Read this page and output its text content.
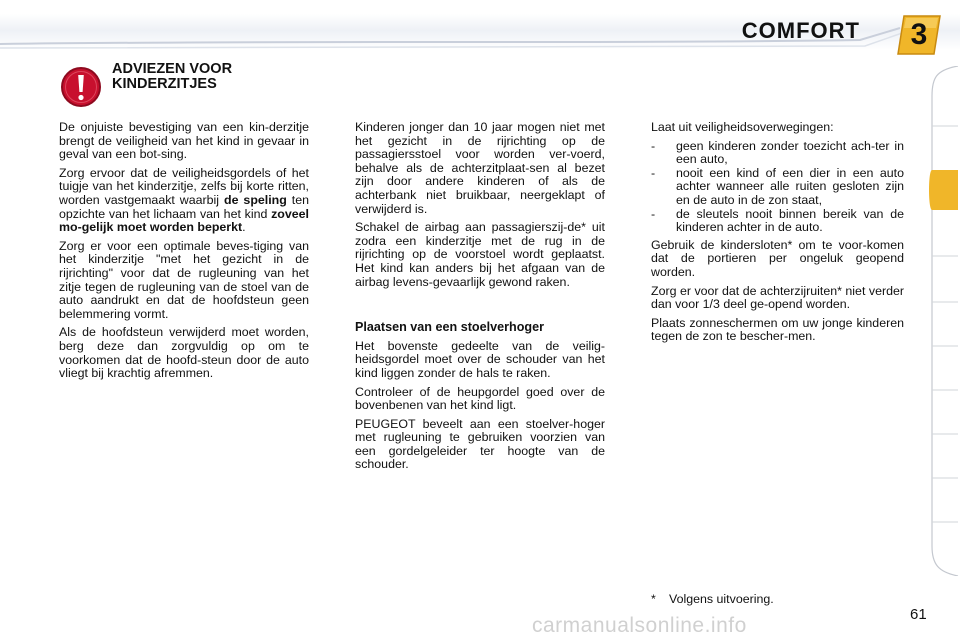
COMFORT	3
ADVIEZEN VOOR
KINDERZITJES

De onjuiste bevestiging van een kin-derzitje brengt de veiligheid van het kind in gevaar in geval van een bot-sing.

Zorg ervoor dat de veiligheidsgordels of het tuigje van het kinderzitje, zelfs bij korte ritten, worden vastgemaakt waarbij de speling ten opzichte van het lichaam van het kind zoveel mo-gelijk moet worden beperkt.

Zorg er voor een optimale beves-tiging van het kinderzitje "met het gezicht in de rijrichting" voor dat de rugleuning van het zitje tegen de rugleuning van de stoel van de auto aandrukt en dat de hoofdsteun geen belemmering vormt.

Als de hoofdsteun verwijderd moet worden, berg deze dan zorgvuldig op om te voorkomen dat de hoofd-steun door de auto vliegt bij krachtig afremmen.

Kinderen jonger dan 10 jaar mogen niet met het gezicht in de rijrichting op de passagiersstoel voor worden ver-voerd, behalve als de achterzitplaat-sen al bezet zijn door andere kinderen of als de achterbank niet bruikbaar, neergeklapt of verwijderd is.

Schakel de airbag aan passagierszij-de* uit zodra een kinderzitje met de rug in de rijrichting op de voorstoel wordt geplaatst. Het kind kan anders bij het afgaan van de airbag levens-gevaarlijk gewond raken.

Plaatsen van een stoelverhoger

Het bovenste gedeelte van de veilig-heidsgordel moet over de schouder van het kind liggen zonder de hals te raken.

Controleer of de heupgordel goed over de bovenbenen van het kind ligt.

PEUGEOT beveelt aan een stoelver-hoger met rugleuning te gebruiken voorzien van een gordelgeleider ter hoogte van de schouder.

Laat uit veiligheidsoverwegingen:

- geen kinderen zonder toezicht ach-ter in een auto,
- nooit een kind of een dier in een auto achter wanneer alle ruiten gesloten zijn en de auto in de zon staat,
- de sleutels nooit binnen bereik van de kinderen achter in de auto.

Gebruik de kindersloten* om te voor-komen dat de portieren per ongeluk geopend worden.

Zorg er voor dat de achterzijruiten* niet verder dan voor 1/3 deel ge-opend worden.

Plaats zonneschermen om uw jonge kinderen tegen de zon te bescher-men.

* Volgens uitvoering.
carmanualsonline.info	61
